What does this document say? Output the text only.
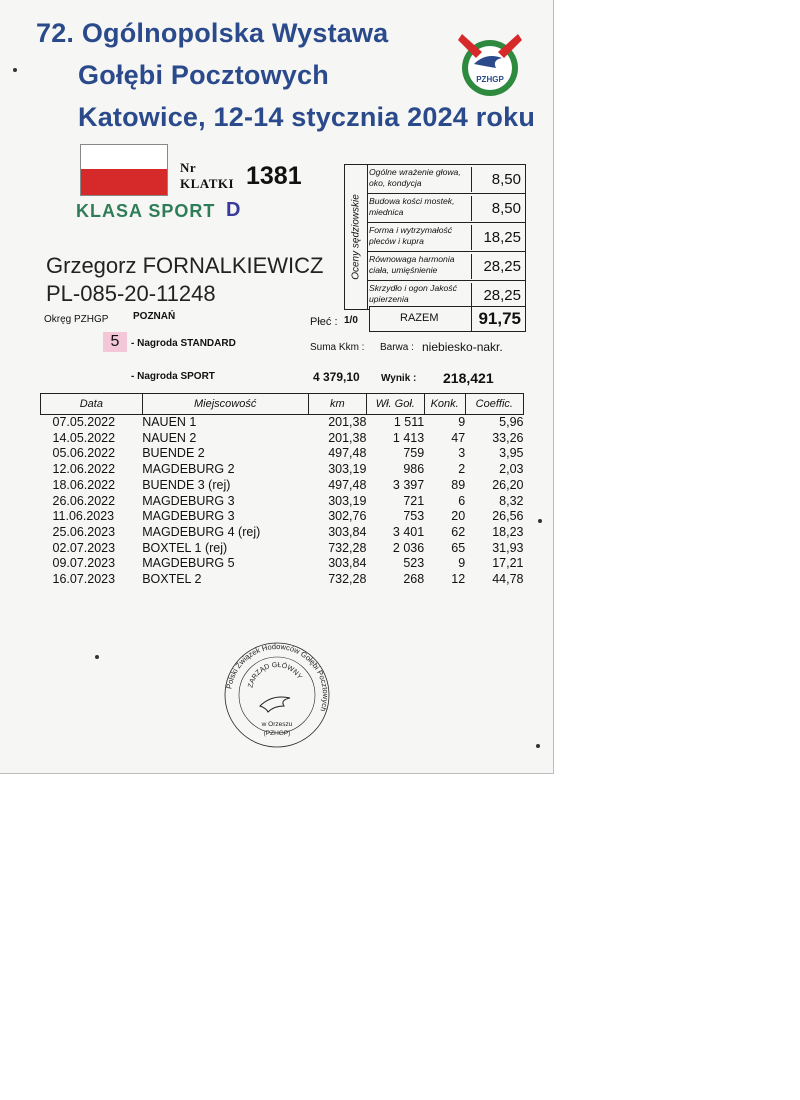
72. Ogólnopolska Wystawa
Gołębi Pocztowych
Katowice, 12-14 stycznia 2024 roku
PZHGP
Nr
KLATKI 1381
KLASA SPORT D
Grzegorz FORNALKIEWICZ
PL-085-20-11248
Oceny sędziowskie
Ogólne wrażenie głowa, oko, kondycja	8,50
Budowa kości mostek, miednica	8,50
Forma i wytrzymałość pleców i kupra	18,25
Równowaga harmonia ciała, umięśnienie	28,25
Skrzydło i ogon Jakość upierzenia	28,25
RAZEM 91,75
Okręg PZHGP POZNAŃ	Płeć : 1/0
5	- Nagroda STANDARD	Suma Kkm : Barwa : niebiesko-nakr.
- Nagroda SPORT	4 379,10 Wynik : 218,421
Data	Miejscowość	km	Wł. Goł.	Konk.	Coeffic.
07.05.2022	NAUEN 1	201,38	1 511	9	5,96
14.05.2022	NAUEN 2	201,38	1 413	47	33,26
05.06.2022	BUENDE 2	497,48	759	3	3,95
12.06.2022	MAGDEBURG 2	303,19	986	2	2,03
18.06.2022	BUENDE 3 (rej)	497,48	3 397	89	26,20
26.06.2022	MAGDEBURG 3	303,19	721	6	8,32
11.06.2023	MAGDEBURG 3	302,76	753	20	26,56
25.06.2023	MAGDEBURG 4 (rej)	303,84	3 401	62	18,23
02.07.2023	BOXTEL 1 (rej)	732,28	2 036	65	31,93
09.07.2023	MAGDEBURG 5	303,84	523	9	17,21
16.07.2023	BOXTEL 2	732,28	268	12	44,78
Polski Związek Hodowców Gołębi Pocztowych
ZARZĄD GŁÓWNY
w Orzeszu
(PZHGP)
